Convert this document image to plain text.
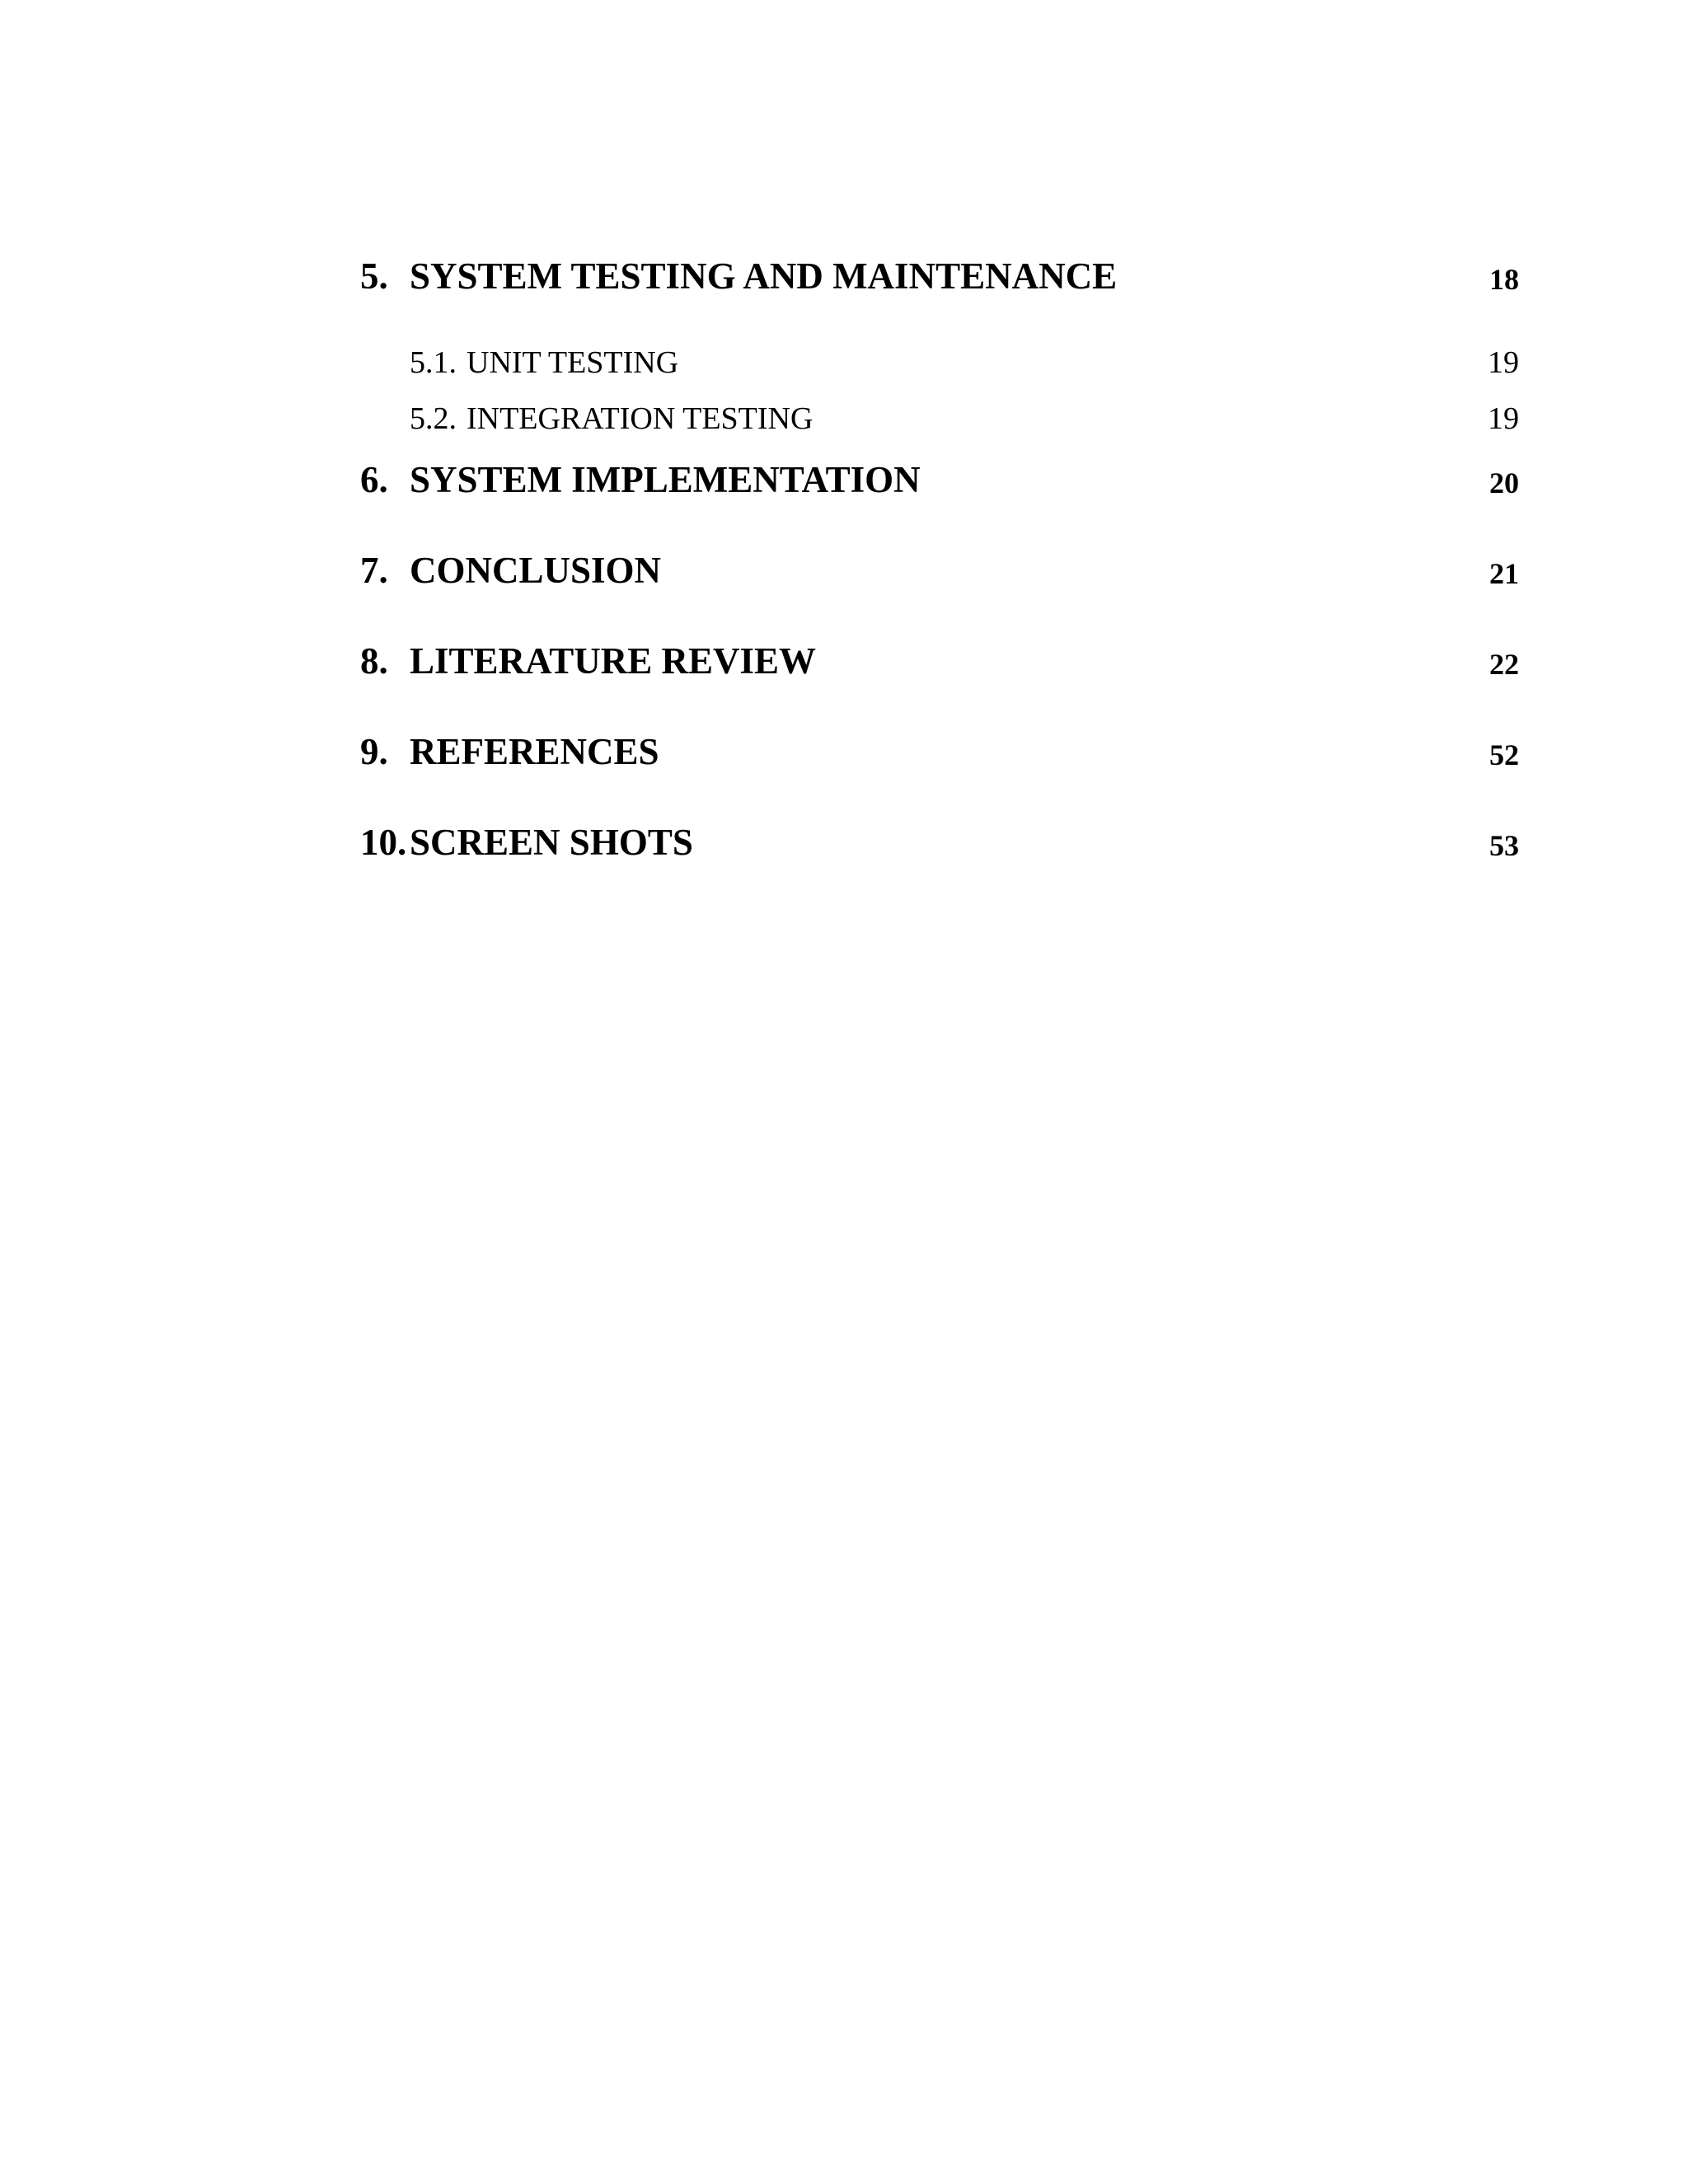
5. SYSTEM TESTING AND MAINTENANCE	18
5.1. UNIT TESTING	19
5.2. INTEGRATION TESTING	19
6. SYSTEM IMPLEMENTATION	20
7. CONCLUSION	21
8. LITERATURE REVIEW	22
9. REFERENCES	52
10. SCREEN SHOTS	53
